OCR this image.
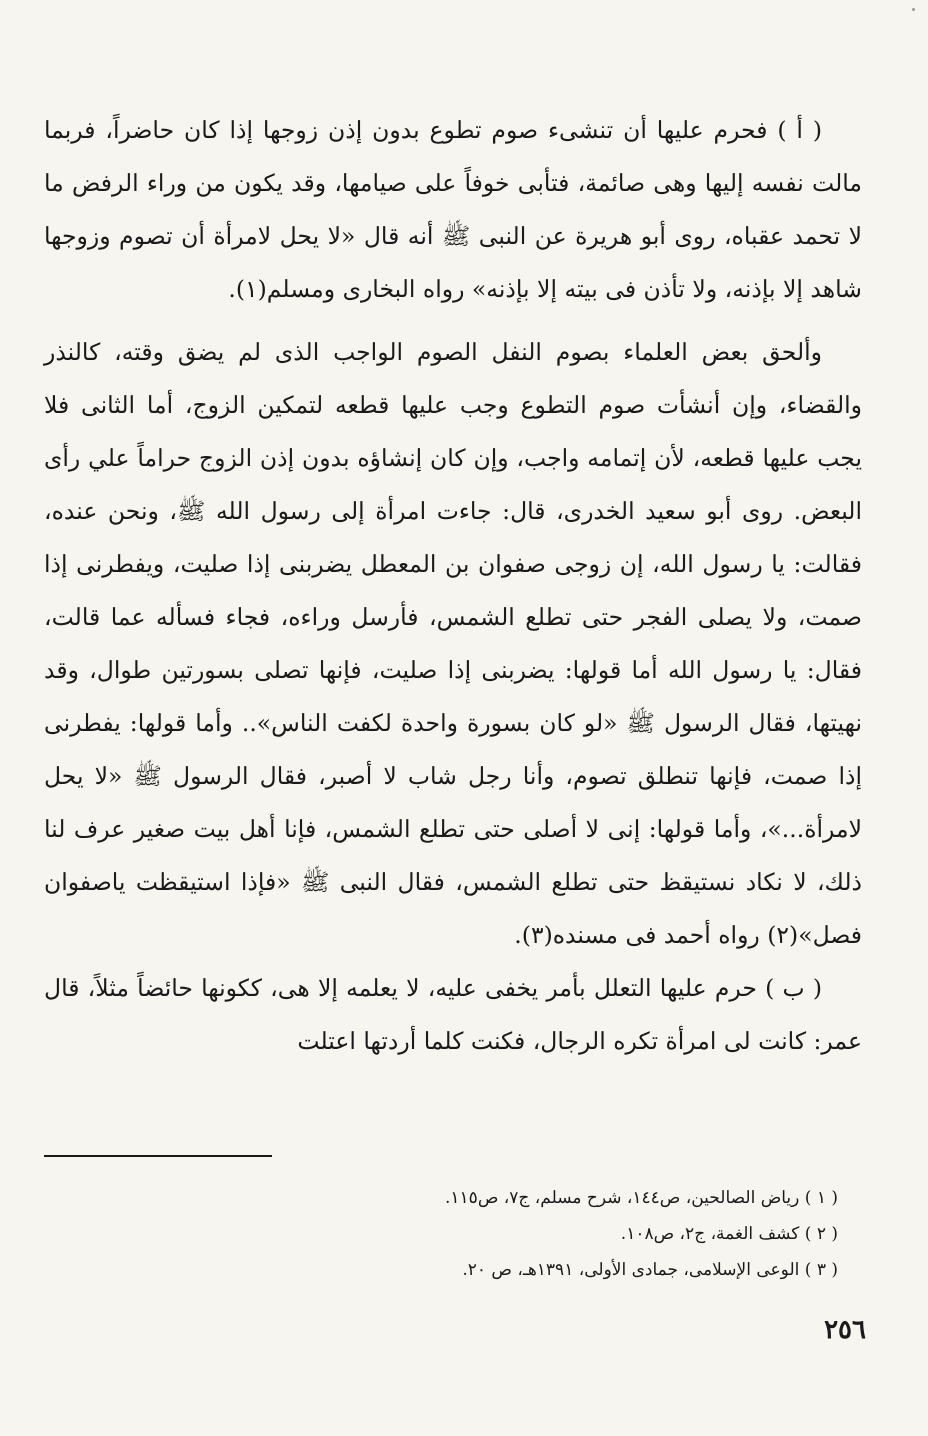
( أ ) فحرم عليها أن تنشىء صوم تطوع بدون إذن زوجها إذا كان حاضراً، فربما مالت نفسه إليها وهى صائمة، فتأبى خوفاً على صيامها، وقد يكون من وراء الرفض ما لا تحمد عقباه، روى أبو هريرة عن النبى ﷺ أنه قال «لا يحل لامرأة أن تصوم وزوجها شاهد إلا بإذنه، ولا تأذن فى بيته إلا بإذنه» رواه البخارى ومسلم(١).

وألحق بعض العلماء بصوم النفل الصوم الواجب الذى لم يضق وقته، كالنذر والقضاء، وإن أنشأت صوم التطوع وجب عليها قطعه لتمكين الزوج، أما الثانى فلا يجب عليها قطعه، لأن إتمامه واجب، وإن كان إنشاؤه بدون إذن الزوج حراماً علي رأى البعض. روى أبو سعيد الخدرى، قال: جاءت امرأة إلى رسول الله ﷺ، ونحن عنده، فقالت: يا رسول الله، إن زوجى صفوان بن المعطل يضربنى إذا صليت، ويفطرنى إذا صمت، ولا يصلى الفجر حتى تطلع الشمس، فأرسل وراءه، فجاء فسأله عما قالت، فقال: يا رسول الله أما قولها: يضربنى إذا صليت، فإنها تصلى بسورتين طوال، وقد نهيتها، فقال الرسول ﷺ «لو كان بسورة واحدة لكفت الناس».. وأما قولها: يفطرنى إذا صمت، فإنها تنطلق تصوم، وأنا رجل شاب لا أصبر، فقال الرسول ﷺ «لا يحل لامرأة...»، وأما قولها: إنى لا أصلى حتى تطلع الشمس، فإنا أهل بيت صغير عرف لنا ذلك، لا نكاد نستيقظ حتى تطلع الشمس، فقال النبى ﷺ «فإذا استيقظت ياصفوان فصل»(٢) رواه أحمد فى مسنده(٣).

( ب ) حرم عليها التعلل بأمر يخفى عليه، لا يعلمه إلا هى، ككونها حائضاً مثلاً، قال عمر: كانت لى امرأة تكره الرجال، فكنت كلما أردتها اعتلت

( ١ ) رياض الصالحين، ص١٤٤، شرح مسلم، ج٧، ص١١٥.
( ٢ ) كشف الغمة، ج٢، ص١٠٨.
( ٣ ) الوعى الإسلامى، جمادى الأولى، ١٣٩١هـ، ص ٢٠.
٢٥٦
